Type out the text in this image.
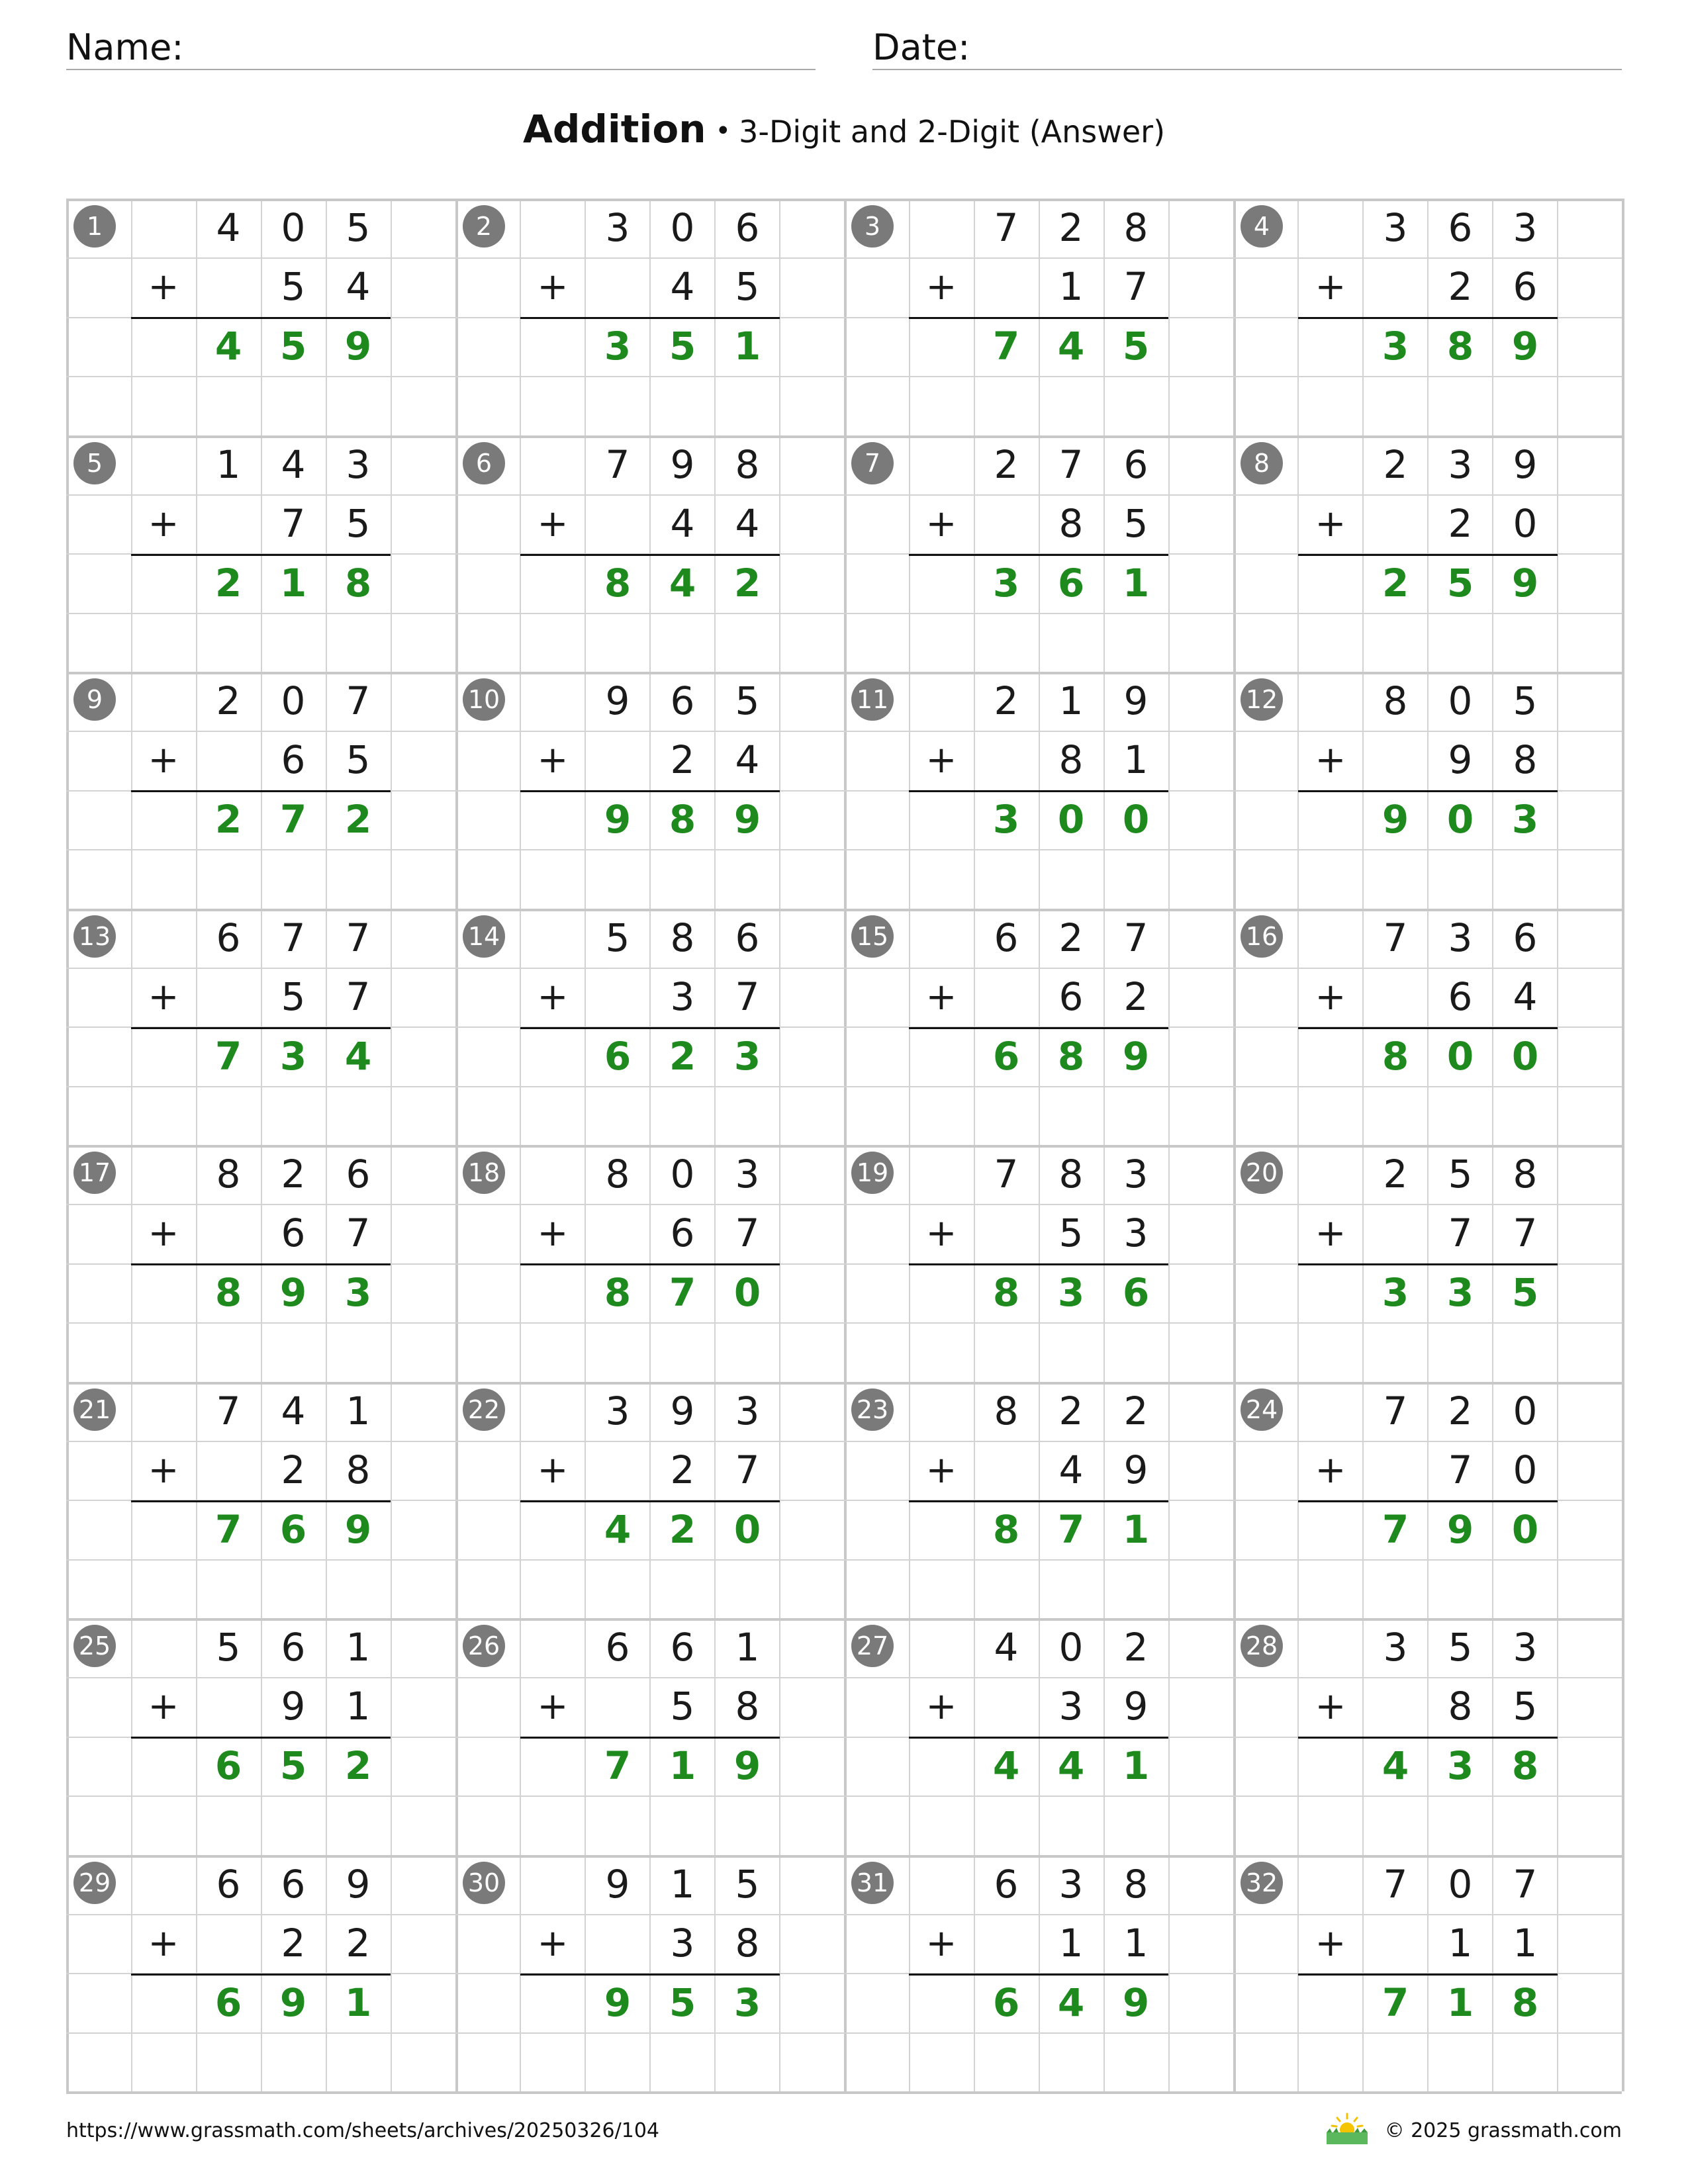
Name:	Date:
Addition • 3-Digit and 2-Digit (Answer)
1	4	0	5
5	4
+
4 5 9
2	3	0	6
4	5
+
3 5 1
3	7	2	8
1	7
+
7 4 5
4	3	6	3
2	6
+
3 8 9
5	1	4	3
7	5
+
2 1 8
6	7	9	8
4	4
+
8 4 2
7	2	7	6
8	5
+
3 6 1
8	2	3	9
2	0
+
2 5 9
9	2	0	7
6	5
+
2 7 2
10	9	6	5
2	4
+
9 8 9
11	2	1	9
8	1
+
3 0 0
12	8	0	5
9	8
+
9 0 3
13	6	7	7
5	7
+
7 3 4
14	5	8	6
3	7
+
6 2 3
15	6	2	7
6	2
+
6 8 9
16	7	3	6
6	4
+
8 0 0
17	8	2	6
6	7
+
8 9 3
18	8	0	3
6	7
+
8 7 0
19	7	8	3
5	3
+
8 3 6
20	2	5	8
7	7
+
3 3 5
21	7	4	1
2	8
+
7 6 9
22	3	9	3
2	7
+
4 2 0
23	8	2	2
4	9
+
8 7 1
24	7	2	0
7	0
+
7 9 0
25	5	6	1
9	1
+
6 5 2
26	6	6	1
5	8
+
7 1 9
27	4	0	2
3	9
+
4 4 1
28	3	5	3
8	5
+
4 3 8
29	6	6	9
2	2
+
6 9 1
30	9	1	5
3	8
+
9 5 3
31	6	3	8
1	1
+
6 4 9
32	7	0	7
1	1
+
7 1 8
https://www.grassmath.com/sheets/archives/20250326/104	© 2025 grassmath.com
